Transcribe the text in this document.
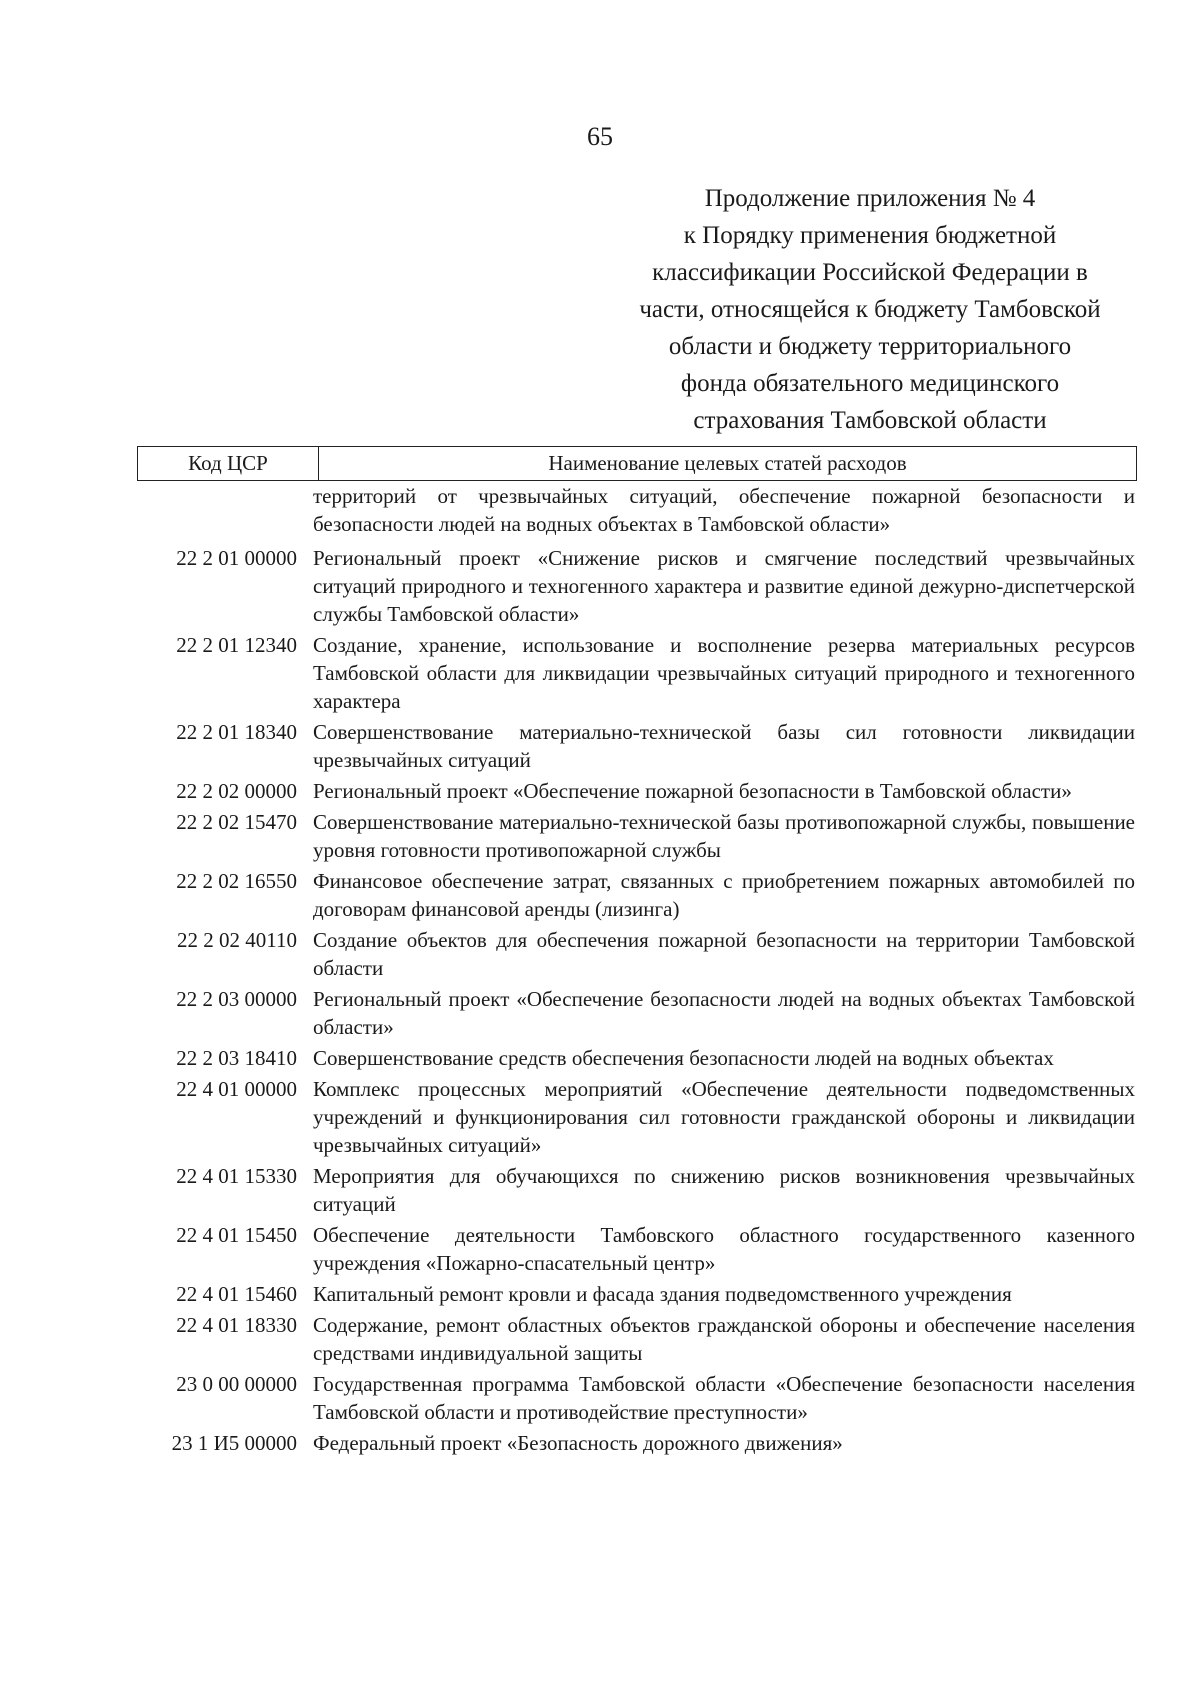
65
Продолжение приложения № 4
к Порядку применения бюджетной
классификации Российской Федерации в
части, относящейся к бюджету Тамбовской
области и бюджету территориального
фонда обязательного медицинского
страхования Тамбовской области
Код ЦСР	Наименование целевых статей расходов
территорий от чрезвычайных ситуаций, обеспечение пожарной безопасности и безопасности людей на водных объектах в Тамбовской области»
22 2 01 00000 Региональный проект «Снижение рисков и смягчение последствий чрезвычайных ситуаций природного и техногенного характера и развитие единой дежурно-диспетчерской службы Тамбовской области»
22 2 01 12340 Создание, хранение, использование и восполнение резерва материальных ресурсов Тамбовской области для ликвидации чрезвычайных ситуаций природного и техногенного характера
22 2 01 18340 Совершенствование материально-технической базы сил готовности ликвидации чрезвычайных ситуаций
22 2 02 00000 Региональный проект «Обеспечение пожарной безопасности в Тамбовской области»
22 2 02 15470 Совершенствование материально-технической базы противопожарной службы, повышение уровня готовности противопожарной службы
22 2 02 16550 Финансовое обеспечение затрат, связанных с приобретением пожарных автомобилей по договорам финансовой аренды (лизинга)
22 2 02 40110 Создание объектов для обеспечения пожарной безопасности на территории Тамбовской области
22 2 03 00000 Региональный проект «Обеспечение безопасности людей на водных объектах Тамбовской области»
22 2 03 18410 Совершенствование средств обеспечения безопасности людей на водных объектах
22 4 01 00000 Комплекс процессных мероприятий «Обеспечение деятельности подведомственных учреждений и функционирования сил готовности гражданской обороны и ликвидации чрезвычайных ситуаций»
22 4 01 15330 Мероприятия для обучающихся по снижению рисков возникновения чрезвычайных ситуаций
22 4 01 15450 Обеспечение деятельности Тамбовского областного государственного казенного учреждения «Пожарно-спасательный центр»
22 4 01 15460 Капитальный ремонт кровли и фасада здания подведомственного учреждения
22 4 01 18330 Содержание, ремонт областных объектов гражданской обороны и обеспечение населения средствами индивидуальной защиты
23 0 00 00000 Государственная программа Тамбовской области «Обеспечение безопасности населения Тамбовской области и противодействие преступности»
23 1 И5 00000 Федеральный проект «Безопасность дорожного движения»
